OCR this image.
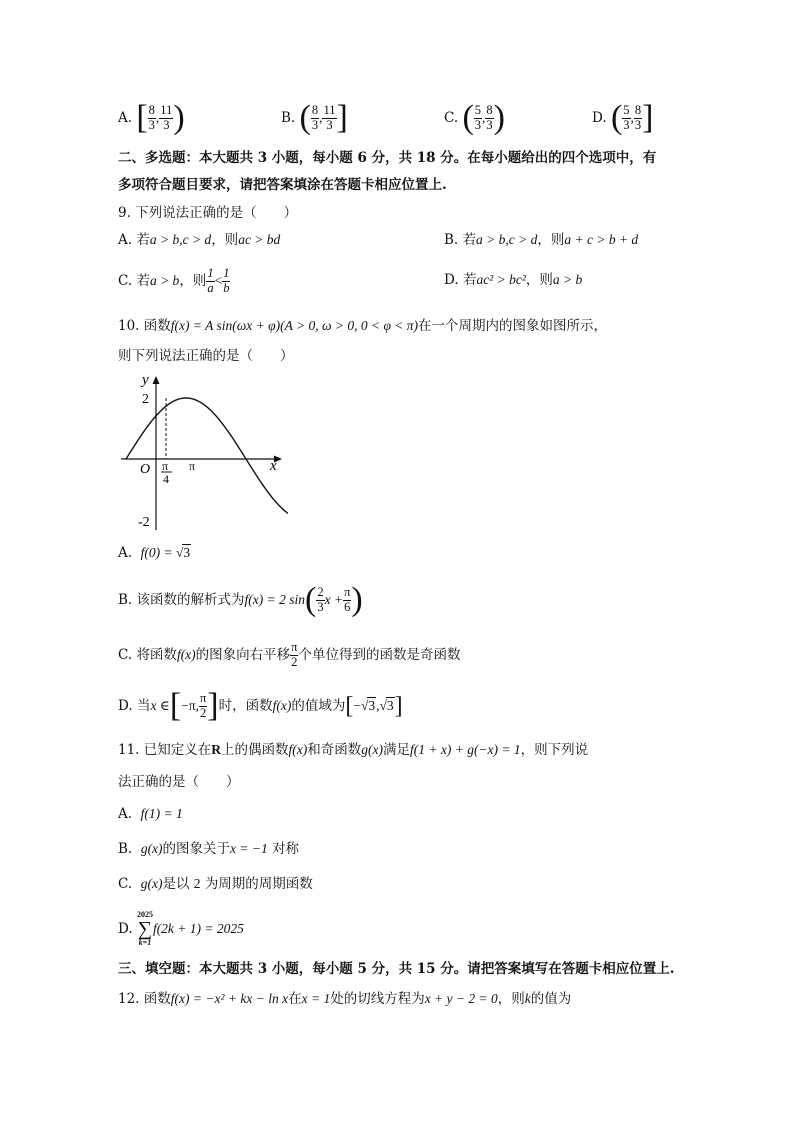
A.
[ 8
3 , 11
3 )	B.
( 8
3 , 11
3 ]	C.
( 5
3 , 8
3 )	D.
( 5
3 , 8
3 ]
二、多选题：本大题共 3 小题，每小题 6 分，共 18 分。在每小题给出的四个选项中，有
多项符合题目要求，请把答案填涂在答题卡相应位置上.
9. 下列说法正确的是（　　）
A. 若a > b,c > d，则ac > bd	B. 若a > b,c > d，则a + c > b + d
C.
若 a > b ，则 1
a < 1
b	D. 若ac² > bc²，则a > b
10. 函数f(x) = A sin(ωx + φ)(A > 0, ω > 0, 0 < φ < π)在一个周期内的图象如图所示，
则下列说法正确的是（　　）
y
x
O
2
-2
π
4
π
A. f(0) = √3
B.
该函数的解析式为 f(x) = 2 sin ( 2
3 $x + \frac{\pi}{6}$ )
C.
将函数 f(x) 的图象向右平移 π
2 个单位得到的函数是奇函数
D.
当 x ∈ [ −π, π
2 ] 时，函数 f(x) 的值域为 [ − √ 3 , √ 3 ]
11. 已知定义在R上的偶函数f(x)和奇函数g(x)满足f(1 + x) + g(−x) = 1，则下列说
法正确的是（　　）
A. f(1) = 1
B. g(x)的图象关于x = −1 对称
C. g(x)是以 2 为周期的周期函数
D.

2025
∑
k=1
f(2k + 1) = 2025
三、填空题：本大题共 3 小题，每小题 5 分，共 15 分。请把答案填写在答题卡相应位置上.
12. 函数f(x) = −x² + kx − ln x在x = 1处的切线方程为x + y − 2 = 0，则k的值为
